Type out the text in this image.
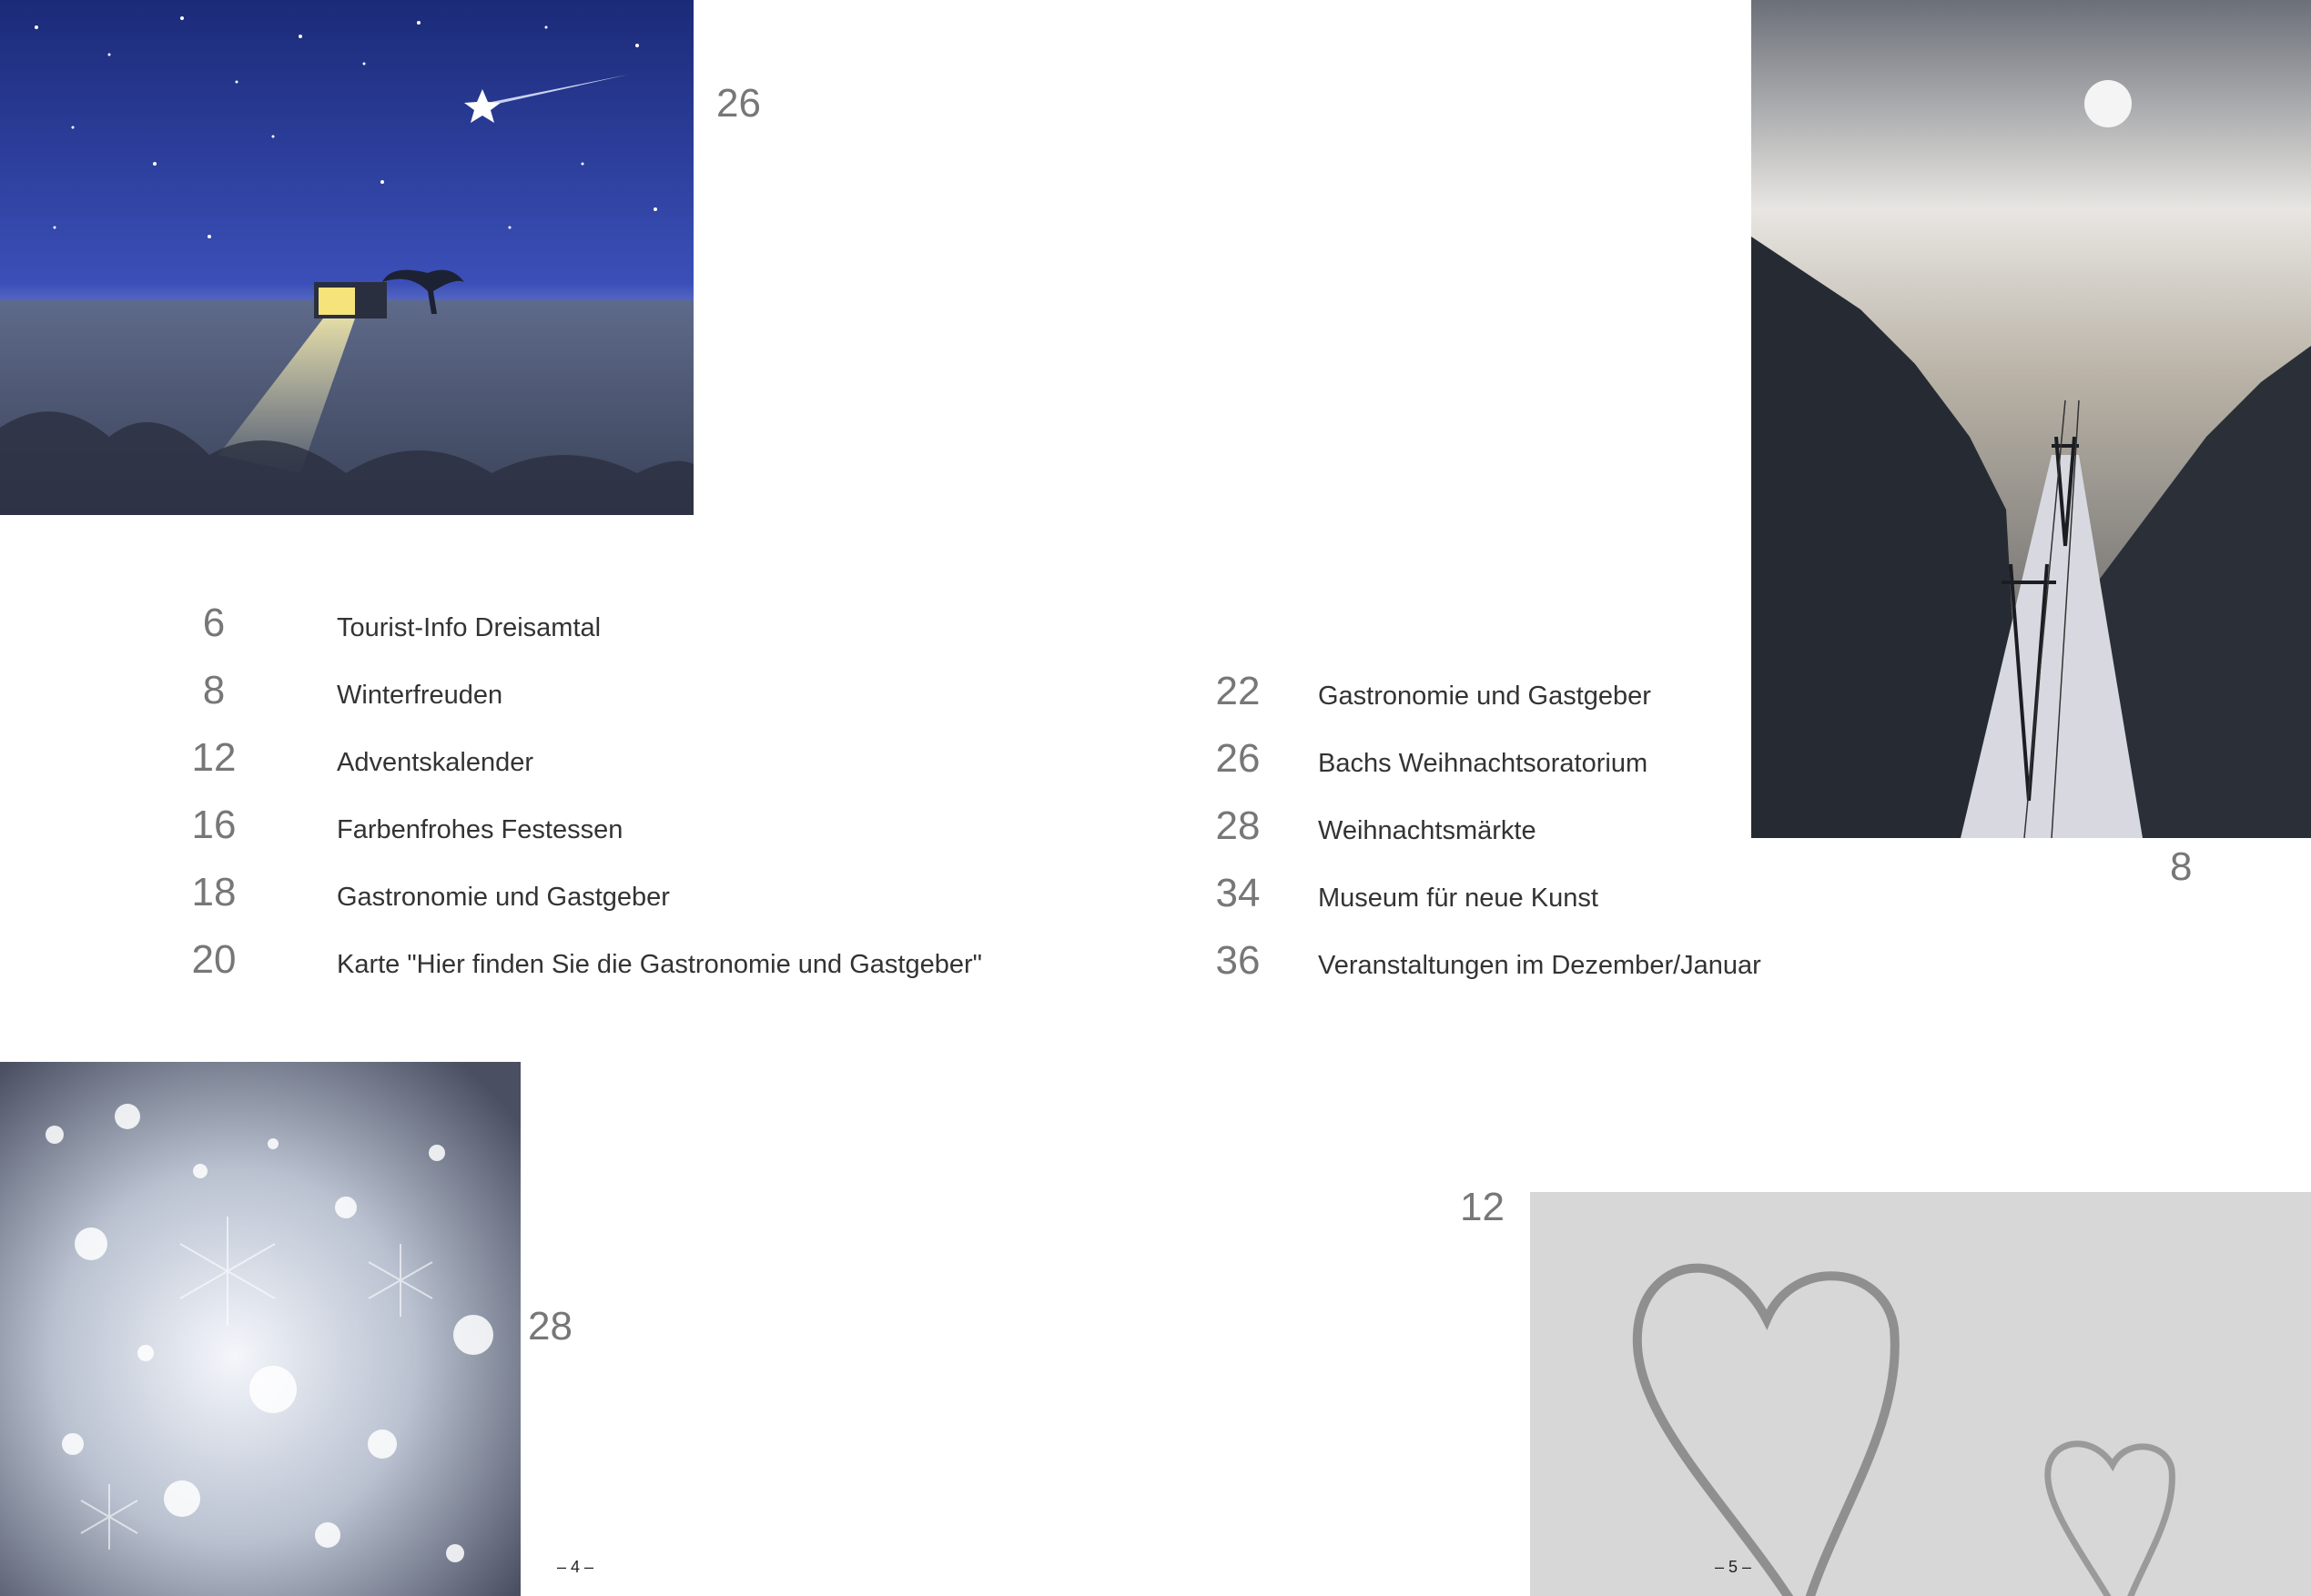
26
8
28
12
6	Tourist-Info Dreisamtal
8	Winterfreuden
12	Adventskalender
16	Farbenfrohes Festessen
18	Gastronomie und Gastgeber
20	Karte "Hier finden Sie die Gastronomie und Gastgeber"
22	Gastronomie und Gastgeber
26	Bachs Weihnachtsoratorium
28	Weihnachtsmärkte
34	Museum für neue Kunst
36	Veranstaltungen im Dezember/Januar
– 4 –	– 5 –
